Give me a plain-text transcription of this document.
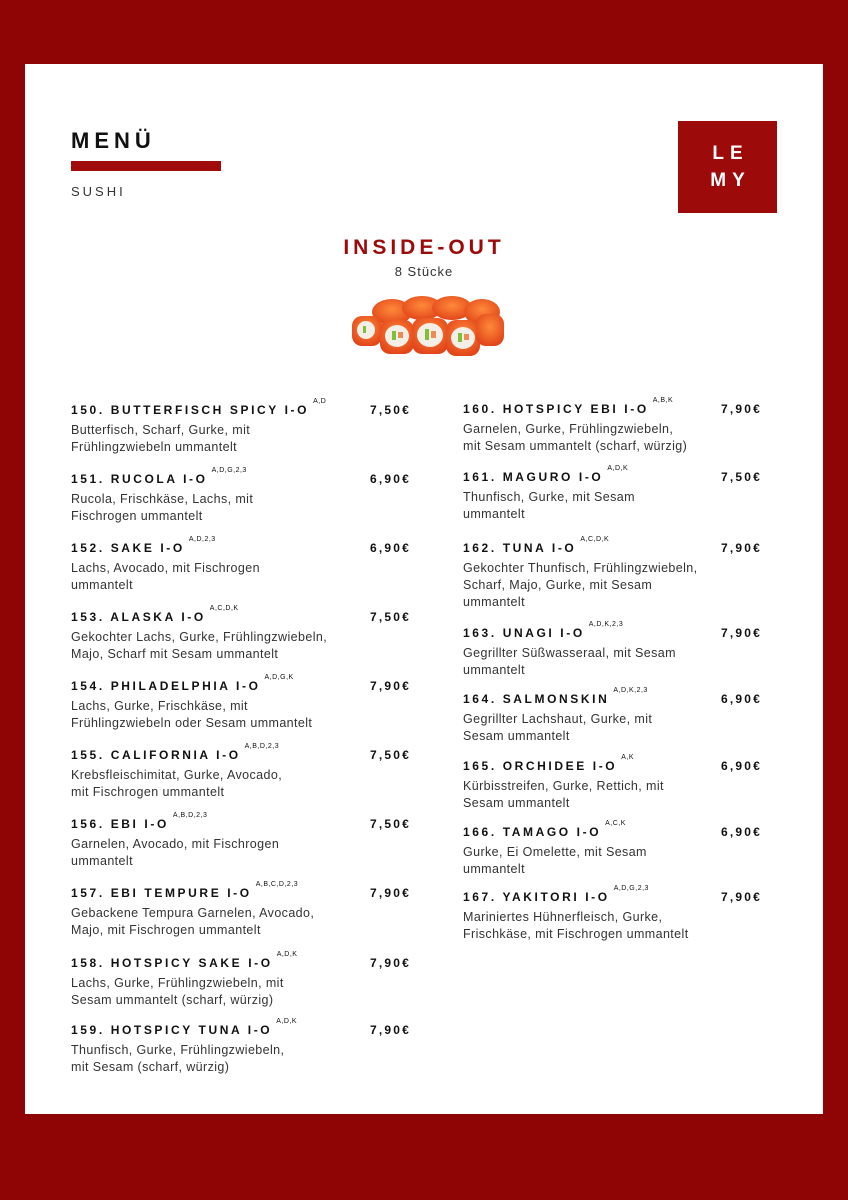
MENÜ
SUSHI
LE
MY
INSIDE-OUT
8 Stücke
150. BUTTERFISCH SPICY $I-O^{A,D}$
7,50€
Butterfisch, Scharf, Gurke, mit
Frühlingzwiebeln ummantelt
151. RUCOLA $I-O^{A,D,G,2,3}$
6,90€
Rucola, Frischkäse, Lachs, mit
Fischrogen ummantelt
152. SAKE $I-O^{A,D,2,3}$
6,90€
Lachs, Avocado, mit Fischrogen
ummantelt
153. ALASKA $I-O^{A,C,D,K}$
7,50€
Gekochter Lachs, Gurke, Frühlingzwiebeln,
Majo, Scharf mit Sesam ummantelt
154. PHILADELPHIA $I-O^{A,D,G,K}$
7,90€
Lachs, Gurke, Frischkäse, mit
Frühlingzwiebeln oder Sesam ummantelt
155. CALIFORNIA $I-O^{A,B,D,2,3}$
7,50€
Krebsfleischimitat, Gurke, Avocado,
mit Fischrogen ummantelt
156. EBI $I-O^{A,B,D,2,3}$
7,50€
Garnelen, Avocado, mit Fischrogen
ummantelt
157. EBI TEMPURE $I-O^{A,B,C,D,2,3}$
7,90€
Gebackene Tempura Garnelen, Avocado,
Majo, mit Fischrogen ummantelt
158. HOTSPICY SAKE $I-O^{A,D,K}$
7,90€
Lachs, Gurke, Frühlingzwiebeln, mit
Sesam ummantelt (scharf, würzig)
159. HOTSPICY TUNA $I-O^{A,D,K}$
7,90€
Thunfisch, Gurke, Frühlingzwiebeln,
mit Sesam (scharf, würzig)
160. HOTSPICY EBI $I-O^{A,B,K}$
7,90€
Garnelen, Gurke, Frühlingzwiebeln,
mit Sesam ummantelt (scharf, würzig)
161. MAGURO $I-O^{A,D,K}$
7,50€
Thunfisch, Gurke, mit Sesam
ummantelt
162. TUNA $I-O^{A,C,D,K}$
7,90€
Gekochter Thunfisch, Frühlingzwiebeln,
Scharf, Majo, Gurke, mit Sesam
ummantelt
163. UNAGI $I-O^{A,D,K,2,3}$
7,90€
Gegrillter Süßwasseraal, mit Sesam
ummantelt
164. $SALMONSKIN^{A,D,K,2,3}$
6,90€
Gegrillter Lachshaut, Gurke, mit
Sesam ummantelt
165. ORCHIDEE $I-O^{A,K}$
6,90€
Kürbisstreifen, Gurke, Rettich, mit
Sesam ummantelt
166. TAMAGO $I-O^{A,C,K}$
6,90€
Gurke, Ei Omelette, mit Sesam
ummantelt
167. YAKITORI $I-O^{A,D,G,2,3}$
7,90€
Mariniertes Hühnerfleisch, Gurke,
Frischkäse, mit Fischrogen ummantelt
